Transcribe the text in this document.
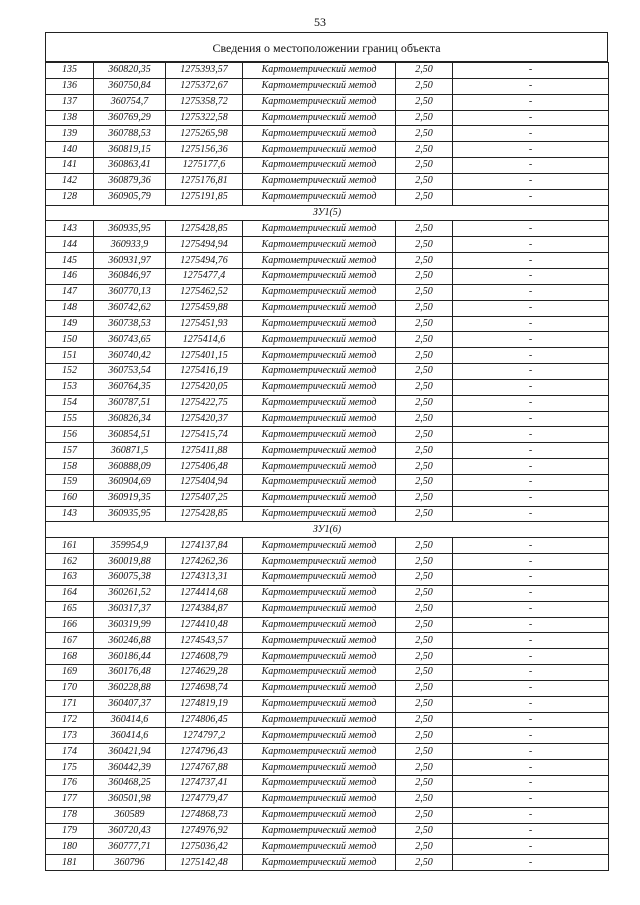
53
Сведения о местоположении границ объекта
135	360820,35	1275393,57	Картометрический метод	2,50	-
136	360750,84	1275372,67	Картометрический метод	2,50	-
137	360754,7	1275358,72	Картометрический метод	2,50	-
138	360769,29	1275322,58	Картометрический метод	2,50	-
139	360788,53	1275265,98	Картометрический метод	2,50	-
140	360819,15	1275156,36	Картометрический метод	2,50	-
141	360863,41	1275177,6	Картометрический метод	2,50	-
142	360879,36	1275176,81	Картометрический метод	2,50	-
128	360905,79	1275191,85	Картометрический метод	2,50	-
ЗУ1(5)					
143	360935,95	1275428,85	Картометрический метод	2,50	-
144	360933,9	1275494,94	Картометрический метод	2,50	-
145	360931,97	1275494,76	Картометрический метод	2,50	-
146	360846,97	1275477,4	Картометрический метод	2,50	-
147	360770,13	1275462,52	Картометрический метод	2,50	-
148	360742,62	1275459,88	Картометрический метод	2,50	-
149	360738,53	1275451,93	Картометрический метод	2,50	-
150	360743,65	1275414,6	Картометрический метод	2,50	-
151	360740,42	1275401,15	Картометрический метод	2,50	-
152	360753,54	1275416,19	Картометрический метод	2,50	-
153	360764,35	1275420,05	Картометрический метод	2,50	-
154	360787,51	1275422,75	Картометрический метод	2,50	-
155	360826,34	1275420,37	Картометрический метод	2,50	-
156	360854,51	1275415,74	Картометрический метод	2,50	-
157	360871,5	1275411,88	Картометрический метод	2,50	-
158	360888,09	1275406,48	Картометрический метод	2,50	-
159	360904,69	1275404,94	Картометрический метод	2,50	-
160	360919,35	1275407,25	Картометрический метод	2,50	-
143	360935,95	1275428,85	Картометрический метод	2,50	-
ЗУ1(6)					
161	359954,9	1274137,84	Картометрический метод	2,50	-
162	360019,88	1274262,36	Картометрический метод	2,50	-
163	360075,38	1274313,31	Картометрический метод	2,50	-
164	360261,52	1274414,68	Картометрический метод	2,50	-
165	360317,37	1274384,87	Картометрический метод	2,50	-
166	360319,99	1274410,48	Картометрический метод	2,50	-
167	360246,88	1274543,57	Картометрический метод	2,50	-
168	360186,44	1274608,79	Картометрический метод	2,50	-
169	360176,48	1274629,28	Картометрический метод	2,50	-
170	360228,88	1274698,74	Картометрический метод	2,50	-
171	360407,37	1274819,19	Картометрический метод	2,50	-
172	360414,6	1274806,45	Картометрический метод	2,50	-
173	360414,6	1274797,2	Картометрический метод	2,50	-
174	360421,94	1274796,43	Картометрический метод	2,50	-
175	360442,39	1274767,88	Картометрический метод	2,50	-
176	360468,25	1274737,41	Картометрический метод	2,50	-
177	360501,98	1274779,47	Картометрический метод	2,50	-
178	360589	1274868,73	Картометрический метод	2,50	-
179	360720,43	1274976,92	Картометрический метод	2,50	-
180	360777,71	1275036,42	Картометрический метод	2,50	-
181	360796	1275142,48	Картометрический метод	2,50	-
